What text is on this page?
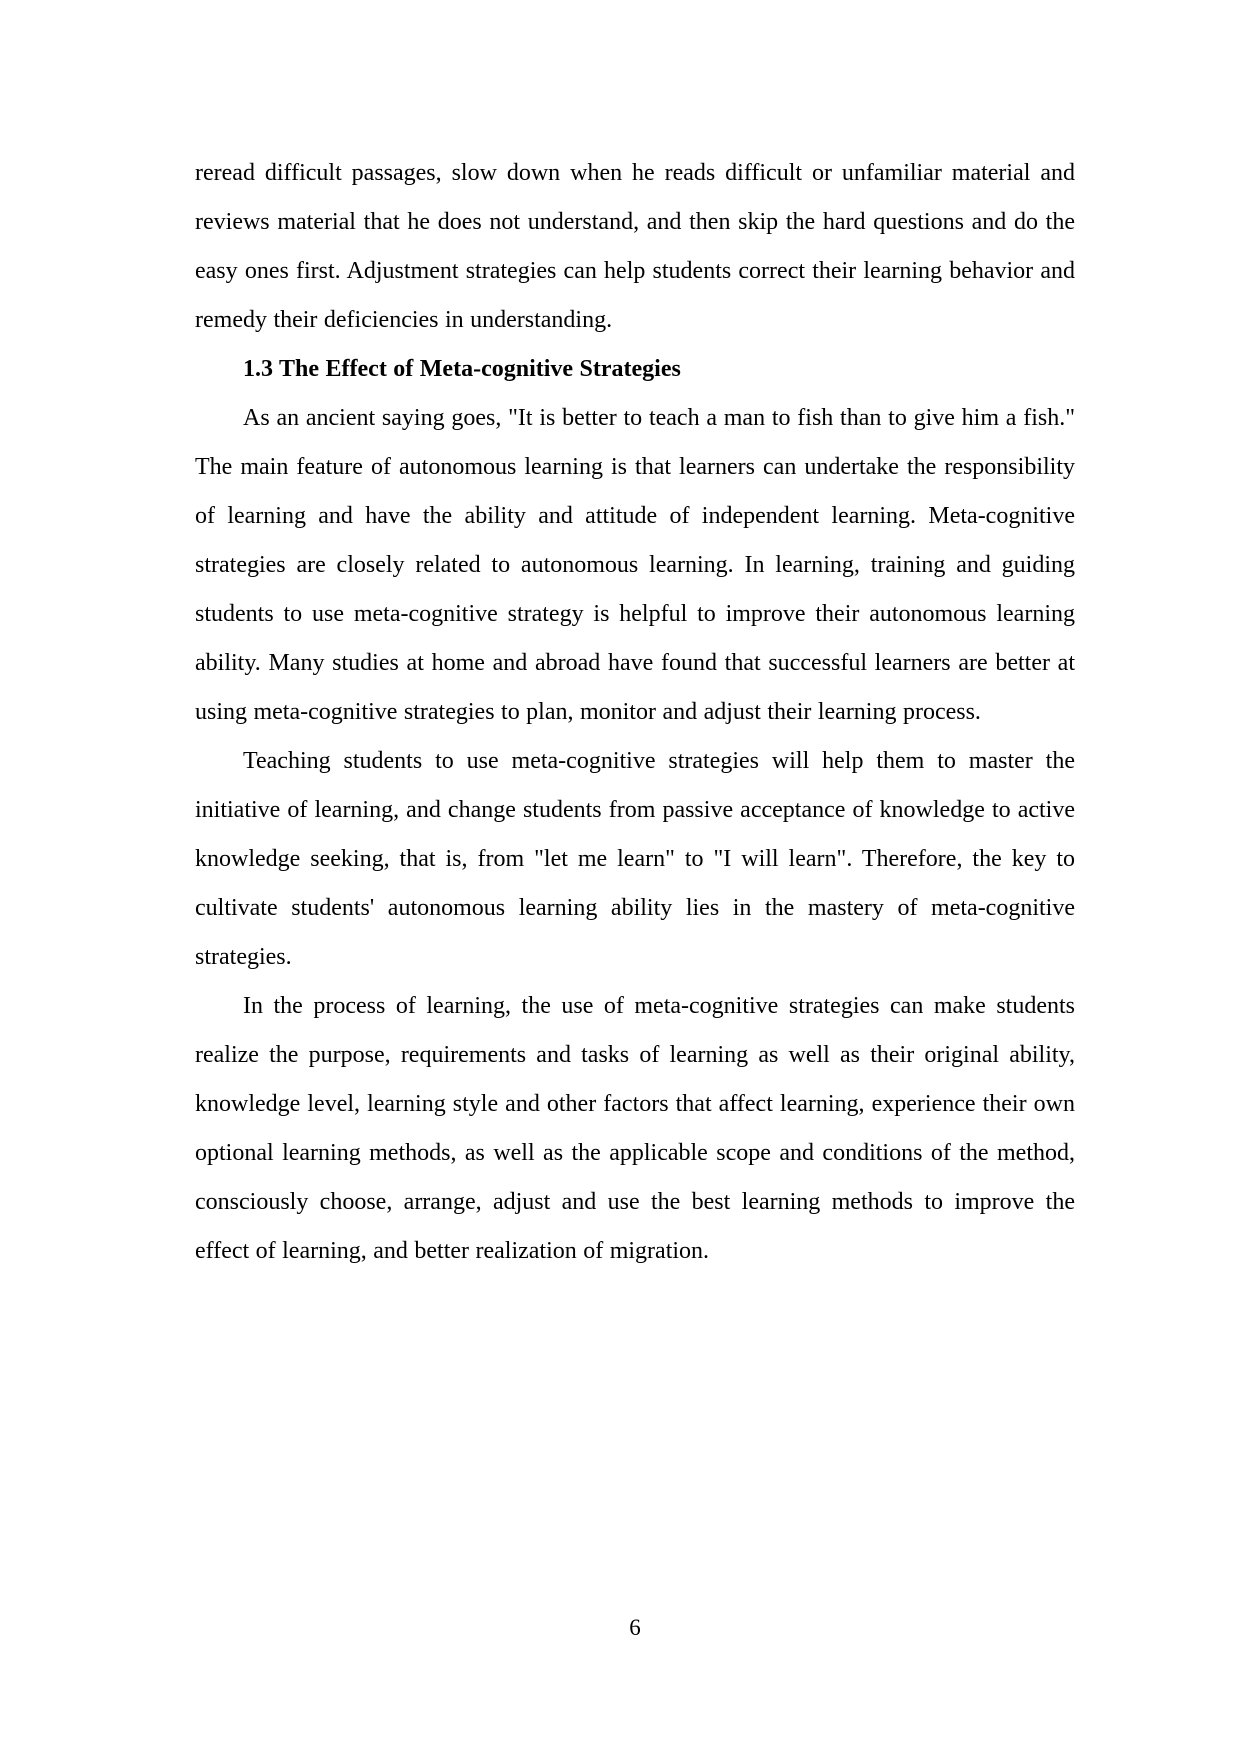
reread difficult passages, slow down when he reads difficult or unfamiliar material and reviews material that he does not understand, and then skip the hard questions and do the easy ones first. Adjustment strategies can help students correct their learning behavior and remedy their deficiencies in understanding.

1.3 The Effect of Meta-cognitive Strategies

As an ancient saying goes, "It is better to teach a man to fish than to give him a fish." The main feature of autonomous learning is that learners can undertake the responsibility of learning and have the ability and attitude of independent learning. Meta-cognitive strategies are closely related to autonomous learning. In learning, training and guiding students to use meta-cognitive strategy is helpful to improve their autonomous learning ability. Many studies at home and abroad have found that successful learners are better at using meta-cognitive strategies to plan, monitor and adjust their learning process.

Teaching students to use meta-cognitive strategies will help them to master the initiative of learning, and change students from passive acceptance of knowledge to active knowledge seeking, that is, from "let me learn" to "I will learn". Therefore, the key to cultivate students' autonomous learning ability lies in the mastery of meta-cognitive strategies.

In the process of learning, the use of meta-cognitive strategies can make students realize the purpose, requirements and tasks of learning as well as their original ability, knowledge level, learning style and other factors that affect learning, experience their own optional learning methods, as well as the applicable scope and conditions of the method, consciously choose, arrange, adjust and use the best learning methods to improve the effect of learning, and better realization of migration.

6
